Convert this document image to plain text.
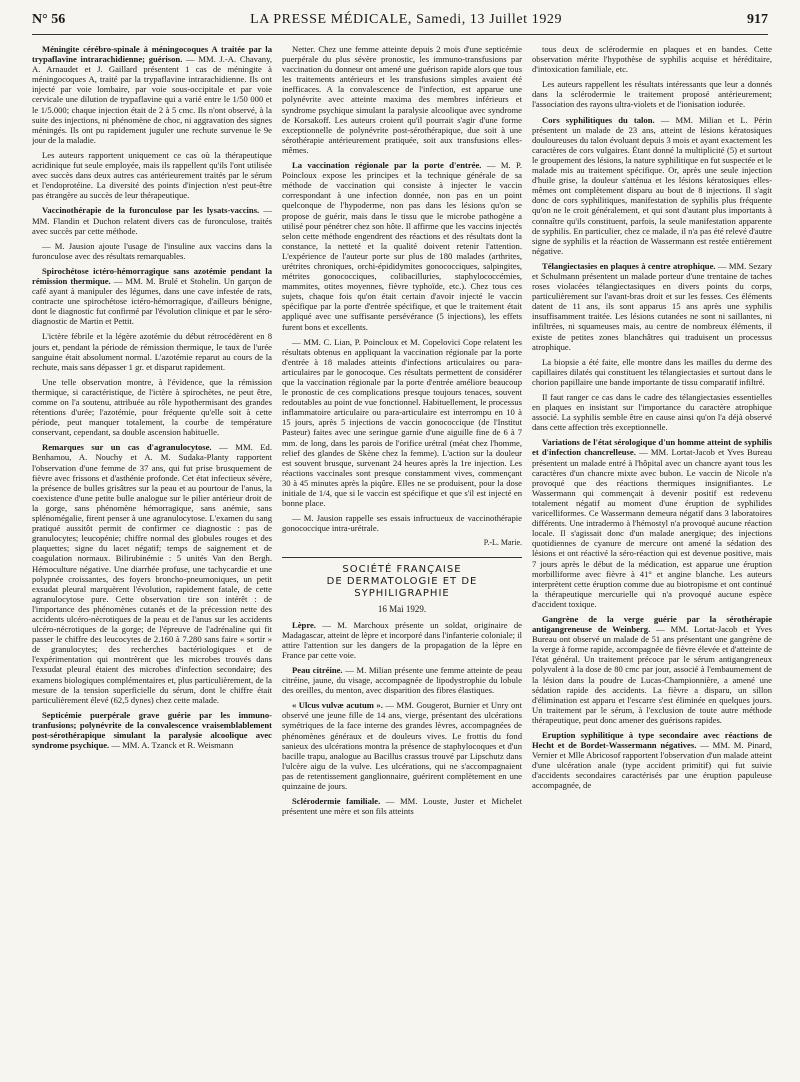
N° 56	LA PRESSE MÉDICALE, Samedi, 13 Juillet 1929	917

Méningite cérébro-spinale à méningocoques A traitée par la trypaflavine intrarachidienne; guérison. — MM. J.-A. Chavany, A. Arnaudet et J. Gaillard présentent 1 cas de méningite à méningocoques A, traité par la trypaflavine intrarachidienne. Ils ont injecté par voie lombaire, par voie sous-occipitale et par voie cervicale une dilution de trypaflavine qui a varié entre le 1/50 000 et le 1/5.000; chaque injection était de 2 à 5 cmc. Ils n'ont observé, à la suite des injections, ni phénomène de choc, ni aggravation des signes méningés. Ils ont pu rapidement juguler une rechute survenue le 9e jour de la maladie.

Les auteurs rapportent uniquement ce cas où la thérapeutique acridinique fut seule employée, mais ils rappellent qu'ils l'ont utilisée avec succès dans deux autres cas antérieurement traités par le sérum et l'endoprotéine. La diversité des points d'injection n'est peut-être pas étrangère au succès de leur thérapeutique.

Vaccinothérapie de la furonculose par les lysats-vaccins. — MM. Flandin et Duchon relatent divers cas de furonculose, traités avec succès par cette méthode.

— M. Jausion ajoute l'usage de l'insuline aux vaccins dans la furonculose avec des résultats remarquables.

Spirochétose ictéro-hémorragique sans azotémie pendant la rémission thermique. — MM. M. Brulé et Stohelin. Un garçon de café ayant à manipuler des légumes, dans une cave infestée de rats, contracte une spirochétose ictéro-hémorragique, d'ailleurs bénigne, dont le diagnostic fut confirmé par l'évolution clinique et par le séro-diagnostic de Martin et Pettit.

L'ictère fébrile et la légère azotémie du début rétrocédèrent en 8 jours et, pendant la période de rémission thermique, le taux de l'urée sanguine était absolument normal. L'azotémie reparut au cours de la rechute, mais sans dépasser 1 gr. et disparut rapidement.

Une telle observation montre, à l'évidence, que la rémission thermique, si caractéristique, de l'ictère à spirochètes, ne peut être, comme on l'a soutenu, attribuée au rôle hypothermisant des grandes rétentions d'urée; l'azotémie, pour fréquente qu'elle soit à cette période, peut manquer totalement, la courbe de température conservant, cependant, sa double ascension habituelle.

Remarques sur un cas d'agranulocytose. — MM. Ed. Benhamou, A. Nouchy et A. M. Sudaka-Planty rapportent l'observation d'une femme de 37 ans, qui fut prise brusquement de fièvre avec frissons et d'asthénie profonde. Cet état infectieux sévère, la présence de bulles grisâtres sur la peau et au pourtour de l'anus, la coexistence d'une petite bulle analogue sur le pilier antérieur droit de la gorge, sans phénomène hémorragique, sans anémie, sans splénomégalie, firent penser à une agranulocytose. L'examen du sang pratiqué aussitôt permit de confirmer ce diagnostic : pas de granulocytes; leucopénie; chiffre normal des globules rouges et des plaquettes; signe du lacet négatif; temps de saignement et de coagulation normaux. Bilirubinémie : 5 unités Van den Bergh. Hémoculture négative. Une diarrhée profuse, une tachycardie et une polypnée croissantes, des foyers broncho-pneumoniques, un petit exsudat pleural marquèrent l'évolution, rapidement fatale, de cette agranulocytose pure. Cette observation tire son intérêt : de l'importance des phénomènes cutanés et de la précession nette des accidents ulcéro-nécrotiques de la peau et de l'anus sur les accidents ulcéro-nécrotiques de la gorge; de l'épreuve de l'adrénaline qui fit passer le chiffre des leucocytes de 2.160 à 7.280 sans faire « sortir » de granulocytes; des recherches bactériologiques et de l'expérimentation qui montrèrent que les microbes trouvés dans l'exsudat pleural étaient des microbes d'infection secondaire; des examens biologiques complémentaires et, plus particulièrement, de la mesure de la tension superficielle du sérum, dont le chiffre était particulièrement élevé (62,5 dynes) chez cette malade.

Septicémie puerpérale grave guérie par les immuno-tranfusions; polynévrite de la convalescence vraisemblablement post-sérothérapique simulant la paralysie alcoolique avec syndrome psychique. — MM. A. Tzanck et R. Weismann

Netter. Chez une femme atteinte depuis 2 mois d'une septicémie puerpérale du plus sévère pronostic, les immuno-transfusions par vaccination du donneur ont amené une guérison rapide alors que tous les traitements antérieurs et les transfusions simples avaient été inefficaces. A la convalescence de l'infection, est apparue une polynévrite avec atteinte maxima des membres inférieurs et syndrome psychique simulant la paralysie alcoolique avec syndrome de Korsakoff. Les auteurs croient qu'il pourrait s'agir d'une forme exceptionnelle de polynévrite post-sérothérapique, due soit à une sérothérapie antérieurement pratiquée, soit aux transfusions elles-mêmes.

La vaccination régionale par la porte d'entrée. — M. P. Poincloux expose les principes et la technique générale de sa méthode de vaccination qui consiste à injecter le vaccin correspondant à une infection donnée, non pas en un point quelconque de l'hypoderme, non pas dans les lésions qu'on se propose de guérir, mais dans le tissu que le microbe pathogène a utilisé pour pénétrer chez son hôte. Il affirme que les vaccins injectés selon cette méthode engendrent des réactions et des résultats dont la constance, la netteté et la qualité doivent retenir l'attention. L'expérience de l'auteur porte sur plus de 180 malades (arthrites, urétrites chroniques, orchi-épididymites gonococciques, salpingites, métrites gonococciques, colibacilluries, staphylococcémies, mammites, otites moyennes, fièvre typhoïde, etc.). Chez tous ces sujets, chaque fois qu'on était certain d'avoir injecté le vaccin spécifique par la porte d'entrée spécifique, et que le traitement était appliqué avec une suffisante persévérance (5 injections), les effets furent bons et excellents.

— MM. C. Lian, P. Poincloux et M. Copelovici Cope relatent les résultats obtenus en appliquant la vaccination régionale par la porte d'entrée à 18 malades atteints d'infections articulaires ou para-articulaires par le gonocoque. Ces résultats permettent de considérer que la vaccination régionale par la porte d'entrée améliore beaucoup le pronostic de ces complications presque toujours tenaces, souvent redoutables au point de vue fonctionnel. Habituellement, le processus inflammatoire articulaire ou para-articulaire est interrompu en 10 à 15 jours, après 5 injections de vaccin gonococcique (de l'Institut Pasteur) faites avec une seringue garnie d'une aiguille fine de 6 à 7 mm. de long, dans les parois de l'orifice urétral (méat chez l'homme, relief des glandes de Skène chez la femme). L'action sur la douleur est souvent brusque, survenant 24 heures après la 1re injection. Les réactions vaccinales sont presque constamment vives, commençant 30 à 45 minutes après la piqûre. Elles ne se produisent, pour la dose initiale de 1/4, que si le vaccin est spécifique et que s'il est injecté en bonne place.

— M. Jausion rappelle ses essais infructueux de vaccinothérapie gonococcique intra-urétrale.

P.-L. Marie.
SOCIÉTÉ FRANÇAISE
DE DERMATOLOGIE ET DE SYPHILIGRAPHIE
16 Mai 1929.

Lèpre. — M. Marchoux présente un soldat, originaire de Madagascar, atteint de lèpre et incorporé dans l'infanterie coloniale; il attire l'attention sur les dangers de la propagation de la lèpre en France par cette voie.

Peau citréine. — M. Milian présente une femme atteinte de peau citréine, jaune, du visage, accompagnée de lipodystrophie du lobule des oreilles, du menton, avec disparition des fibres élastiques.

« Ulcus vulvæ acutum ». — MM. Gougerot, Burnier et Unry ont observé une jeune fille de 14 ans, vierge, présentant des ulcérations symétriques de la face interne des grandes lèvres, accompagnées de phénomènes généraux et de douleurs vives. Le frottis du fond sanieux des ulcérations montra la présence de staphylocoques et d'un bacille trapu, analogue au Bacillus crassus trouvé par Lipschutz dans l'ulcère aigu de la vulve. Les ulcérations, qui ne s'accompagnaient pas de retentissement ganglionnaire, guérirent complètement en une quinzaine de jours.

Sclérodermie familiale. — MM. Louste, Juster et Michelet présentent une mère et son fils atteints

tous deux de sclérodermie en plaques et en bandes. Cette observation mérite l'hypothèse de syphilis acquise et héréditaire, d'intoxication familiale, etc.

Les auteurs rappellent les résultats intéressants que leur a donnés dans la sclérodermie le traitement proposé antérieurement; l'association des rayons ultra-violets et de l'ionisation iodurée.

Cors syphilitiques du talon. — MM. Milian et L. Périn présentent un malade de 23 ans, atteint de lésions kératosiques douloureuses du talon évoluant depuis 3 mois et ayant exactement les caractères de cors vulgaires. Étant donné la multiplicité (5) et surtout le groupement des lésions, la nature syphilitique en fut suspectée et le malade mis au traitement spécifique. Or, après une seule injection d'huile grise, la douleur s'atténua et les lésions kératosiques elles-mêmes ont complètement disparu au bout de 8 injections. Il s'agit donc de cors syphilitiques, manifestation de syphilis plus fréquente qu'on ne le croit généralement, et qui sont d'autant plus importants à connaître qu'ils constituent, parfois, la seule manifestation apparente de syphilis. En particulier, chez ce malade, il n'a pas été relevé d'autre signe de syphilis et la réaction de Wassermann est restée entièrement négative.

Télangiectasies en plaques à centre atrophique. — MM. Sezary et Schulmann présentent un malade porteur d'une trentaine de taches roses violacées télangiectasiques en divers points du corps, particulièrement sur l'avant-bras droit et sur les fesses. Ces éléments datent de 11 ans, ils sont apparus 15 ans après une syphilis insuffisamment traitée. Les lésions cutanées ne sont ni saillantes, ni infiltrées, ni squameuses mais, au centre de nombreux éléments, il existe de petites zones blanchâtres qui traduisent un processus atrophique.

La biopsie a été faite, elle montre dans les mailles du derme des capillaires dilatés qui constituent les télangiectasies et surtout dans le chorion papillaire une bande importante de tissu comparatif infiltré.

Il faut ranger ce cas dans le cadre des télangiectasies essentielles en plaques en insistant sur l'importance du caractère atrophique associé. La syphilis semble être en cause ainsi qu'on l'a déjà observé dans cette affection très exceptionnelle.

Variations de l'état sérologique d'un homme atteint de syphilis et d'infection chancrelleuse. — MM. Lortat-Jacob et Yves Bureau présentent un malade entré à l'hôpital avec un chancre ayant tous les caractères d'un chancre mixte avec bubon. Le vaccin de Nicole n'a provoqué que des réactions thermiques insignifiantes. Le Wassermann qui commençait à devenir positif est redevenu totalement négatif au moment d'une éruption de syphilides varicelliformes. Ce Wassermann demeura négatif dans 3 laboratoires différents. Une intradermo à l'hémostyl n'a provoqué aucune réaction locale. Il s'agissait donc d'un malade anergique; des injections quotidiennes de cyanure de mercure ont amené la sédation des lésions et ont réactivé la séro-réaction qui est devenue positive, mais 7 jours après le début de la médication, est apparue une éruption morbilliforme avec fièvre à 41° et angine blanche. Les auteurs interprètent cette éruption comme due au biotropisme et ont continué la thérapeutique mercurielle qui n'a provoqué aucune espèce d'accident toxique.

Gangrène de la verge guérie par la sérothérapie antigangreneuse de Weinberg. — MM. Lortat-Jacob et Yves Bureau ont observé un malade de 51 ans présentant une gangrène de la verge à forme rapide, accompagnée de fièvre élevée et d'atteinte de l'état général. Un traitement précoce par le sérum antigangreneux polyvalent à la dose de 80 cmc par jour, associé à l'embaumement de la lésion dans la poudre de Lucas-Championnière, a amené une sédation rapide des accidents. La fièvre a disparu, un sillon d'élimination est apparu et l'escarre s'est éliminée en quelques jours. Un traitement par le sérum, à l'exclusion de toute autre méthode thérapeutique, peut donc amener des guérisons rapides.

Eruption syphilitique à type secondaire avec réactions de Hecht et de Bordet-Wassermann négatives. — MM. M. Pinard, Vernier et Mlle Abricosof rapportent l'observation d'un malade atteint d'une ulcération anale (type accident primitif) qui fut suivie d'accidents secondaires caractérisés par une éruption papuleuse accompagnée, de
